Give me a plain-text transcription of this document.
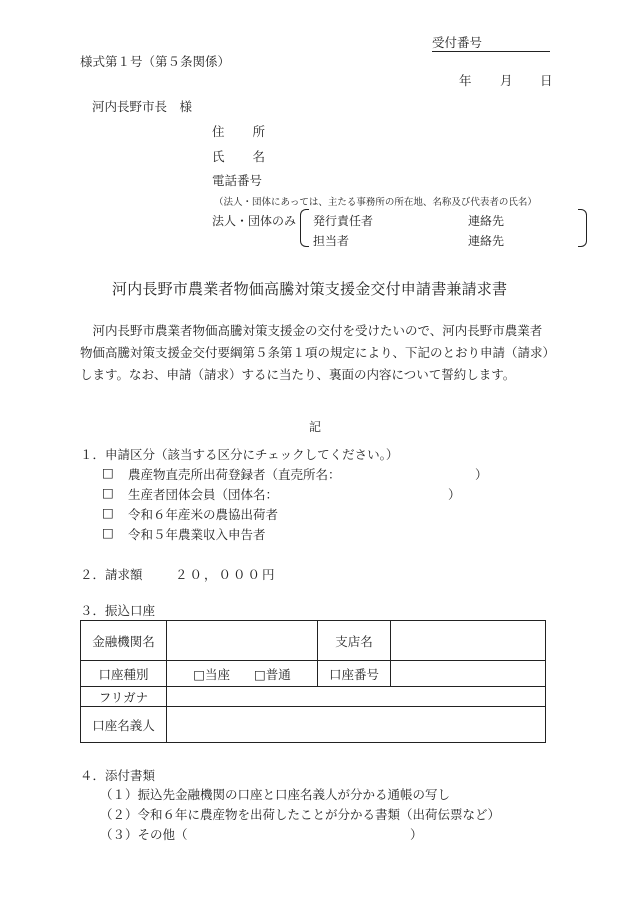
受付番号
様式第１号（第５条関係）
年 月 日
河内長野市長　様
住 所
氏 名
電話番号
（法人・団体にあっては、主たる事務所の所在地、名称及び代表者の氏名）
法人・団体のみ 発行責任者	連絡先
担当者	連絡先
河内長野市農業者物価高騰対策支援金交付申請書兼請求書
河内長野市農業者物価高騰対策支援金の交付を受けたいので、河内長野市農業者物価高騰対策支援金交付要綱第５条第１項の規定により、下記のとおり申請（請求）します。なお、申請（請求）するに当たり、裏面の内容について誓約します。
記
１．申請区分（該当する区分にチェックしてください。）
□ 農産物直売所出荷登録者（直売所名：	）
□ 生産者団体会員（団体名：	）
□ 令和６年産米の農協出荷者
□ 令和５年農業収入申告者
２．請求額	２０，０００円
３．振込口座
金融機関名		支店名	
口座種別	□当座 □普通	口座番号	
フリガナ			
口座名義人			
４．添付書類
（１）振込先金融機関の口座と口座名義人が分かる通帳の写し
（２）令和６年に農産物を出荷したことが分かる書類（出荷伝票など）
（３）その他（	）
